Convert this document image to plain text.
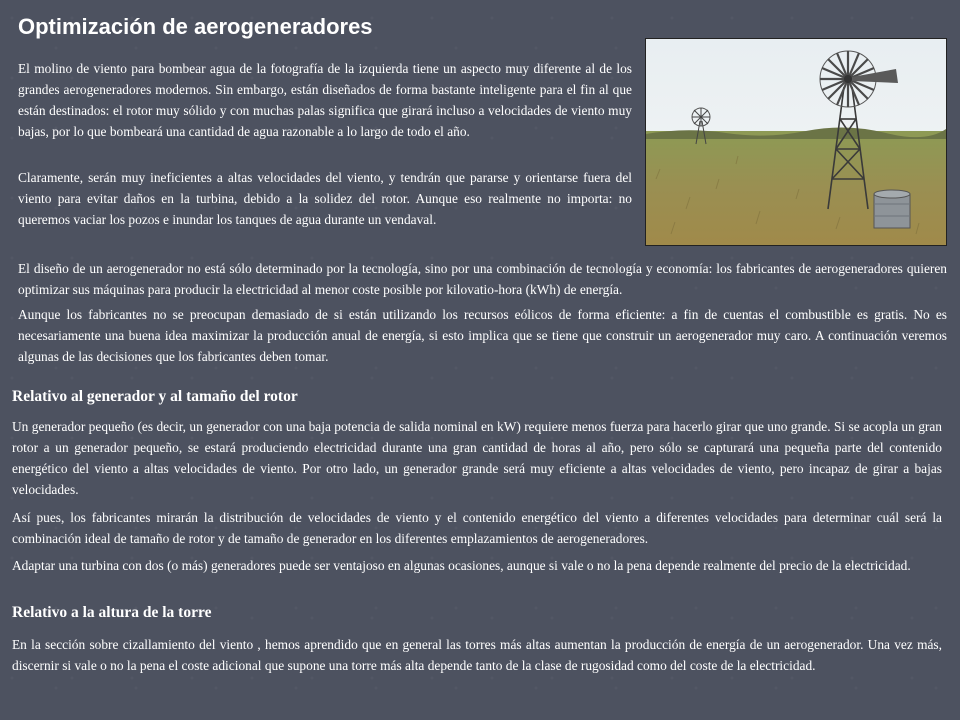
Optimización de aerogeneradores

El molino de viento para bombear agua de la fotografía de la izquierda tiene un aspecto muy diferente al de los grandes aerogeneradores modernos. Sin embargo, están diseñados de forma bastante inteligente para el fin al que están destinados: el rotor muy sólido y con muchas palas significa que girará incluso a velocidades de viento muy bajas, por lo que bombeará una cantidad de agua razonable a lo largo de todo el año.

Claramente, serán muy ineficientes a altas velocidades del viento, y tendrán que pararse y orientarse fuera del viento para evitar daños en la turbina, debido a la solidez del rotor. Aunque eso realmente no importa: no queremos vaciar los pozos e inundar los tanques de agua durante un vendaval.

El diseño de un aerogenerador no está sólo determinado por la tecnología, sino por una combinación de tecnología y economía: los fabricantes de aerogeneradores quieren optimizar sus máquinas para producir la electricidad al menor coste posible por kilovatio-hora (kWh) de energía.

Aunque los fabricantes no se preocupan demasiado de si están utilizando los recursos eólicos de forma eficiente: a fin de cuentas el combustible es gratis. No es necesariamente una buena idea maximizar la producción anual de energía, si esto implica que se tiene que construir un aerogenerador muy caro. A continuación veremos algunas de las decisiones que los fabricantes deben tomar.

Relativo al generador y al tamaño del rotor

Un generador pequeño (es decir, un generador con una baja potencia de salida nominal en kW) requiere menos fuerza para hacerlo girar que uno grande. Si se acopla un gran rotor a un generador pequeño, se estará produciendo electricidad durante una gran cantidad de horas al año, pero sólo se capturará una pequeña parte del contenido energético del viento a altas velocidades de viento. Por otro lado, un generador grande será muy eficiente a altas velocidades de viento, pero incapaz de girar a bajas velocidades.

Así pues, los fabricantes mirarán la distribución de velocidades de viento y el contenido energético del viento a diferentes velocidades para determinar cuál será la combinación ideal de tamaño de rotor y de tamaño de generador en los diferentes emplazamientos de aerogeneradores.

Adaptar una turbina con dos (o más) generadores puede ser ventajoso en algunas ocasiones, aunque si vale o no la pena depende realmente del precio de la electricidad.

Relativo a la altura de la torre

En la sección sobre cizallamiento del viento , hemos aprendido que en general las torres más altas aumentan la producción de energía de un aerogenerador. Una vez más, discernir si vale o no la pena el coste adicional que supone una torre más alta depende tanto de la clase de rugosidad como del coste de la electricidad.
